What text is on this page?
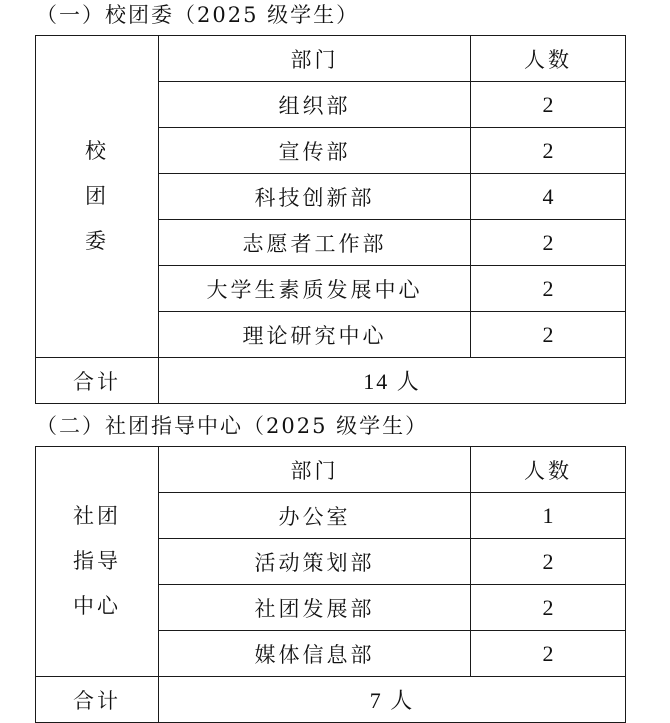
（一）校团委（2025 级学生）
校
团
委	部门	人数
	组织部	2
	宣传部	2
	科技创新部	4
	志愿者工作部	2
	大学生素质发展中心	2
	理论研究中心	2
合计	14 人	
（二）社团指导中心（2025 级学生）
社团
指导
中心	部门	人数
	办公室	1
	活动策划部	2
	社团发展部	2
	媒体信息部	2
合计	7 人	
